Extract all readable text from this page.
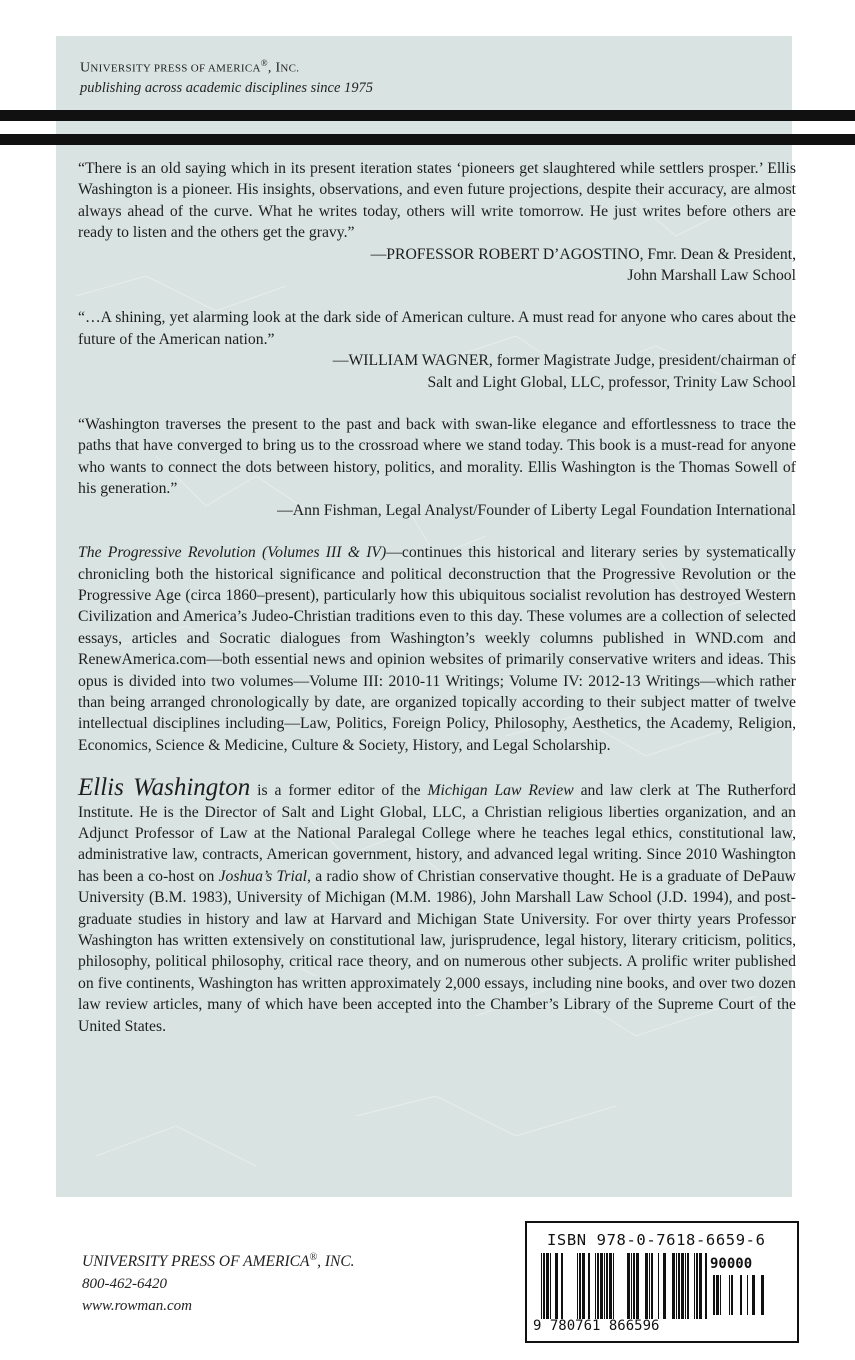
UNIVERSITY PRESS OF AMERICA®, INC.
publishing across academic disciplines since 1975

“There is an old saying which in its present iteration states ‘pioneers get slaughtered while settlers prosper.’ Ellis Washington is a pioneer. His insights, observations, and even future projections, despite their accuracy, are almost always ahead of the curve. What he writes today, others will write tomorrow. He just writes before others are ready to listen and the others get the gravy.”

—PROFESSOR ROBERT D’AGOSTINO, Fmr. Dean & President,

John Marshall Law School

“…A shining, yet alarming look at the dark side of American culture. A must read for anyone who cares about the future of the American nation.”

—WILLIAM WAGNER, former Magistrate Judge, president/chairman of

Salt and Light Global, LLC, professor, Trinity Law School

“Washington traverses the present to the past and back with swan-like elegance and effortlessness to trace the paths that have converged to bring us to the crossroad where we stand today. This book is a must-read for anyone who wants to connect the dots between history, politics, and morality. Ellis Washington is the Thomas Sowell of his generation.”

—Ann Fishman, Legal Analyst/Founder of Liberty Legal Foundation International

The Progressive Revolution (Volumes III & IV)—continues this historical and literary series by systematically chronicling both the historical significance and political deconstruction that the Progressive Revolution or the Progressive Age (circa 1860–present), particularly how this ubiquitous socialist revolution has destroyed Western Civilization and America’s Judeo-Christian traditions even to this day. These volumes are a collection of selected essays, articles and Socratic dialogues from Washington’s weekly columns published in WND.com and RenewAmerica.com—both essential news and opinion websites of primarily conservative writers and ideas. This opus is divided into two volumes—Volume III: 2010-11 Writings; Volume IV: 2012-13 Writings—which rather than being arranged chronologically by date, are organized topically according to their subject matter of twelve intellectual disciplines including—Law, Politics, Foreign Policy, Philosophy, Aesthetics, the Academy, Religion, Economics, Science & Medicine, Culture & Society, History, and Legal Scholarship.

Ellis Washington is a former editor of the Michigan Law Review and law clerk at The Rutherford Institute. He is the Director of Salt and Light Global, LLC, a Christian religious liberties organization, and an Adjunct Professor of Law at the National Paralegal College where he teaches legal ethics, constitutional law, administrative law, contracts, American government, history, and advanced legal writing. Since 2010 Washington has been a co-host on Joshua’s Trial, a radio show of Christian conservative thought. He is a graduate of DePauw University (B.M. 1983), University of Michigan (M.M. 1986), John Marshall Law School (J.D. 1994), and post-graduate studies in history and law at Harvard and Michigan State University. For over thirty years Professor Washington has written extensively on constitutional law, jurisprudence, legal history, literary criticism, politics, philosophy, political philosophy, critical race theory, and on numerous other subjects. A prolific writer published on five continents, Washington has written approximately 2,000 essays, including nine books, and over two dozen law review articles, many of which have been accepted into the Chamber’s Library of the Supreme Court of the United States.

UNIVERSITY PRESS OF AMERICA®, INC.
800-462-6420
www.rowman.com
ISBN 978-0-7618-6659-6
90000
9 780761 866596
